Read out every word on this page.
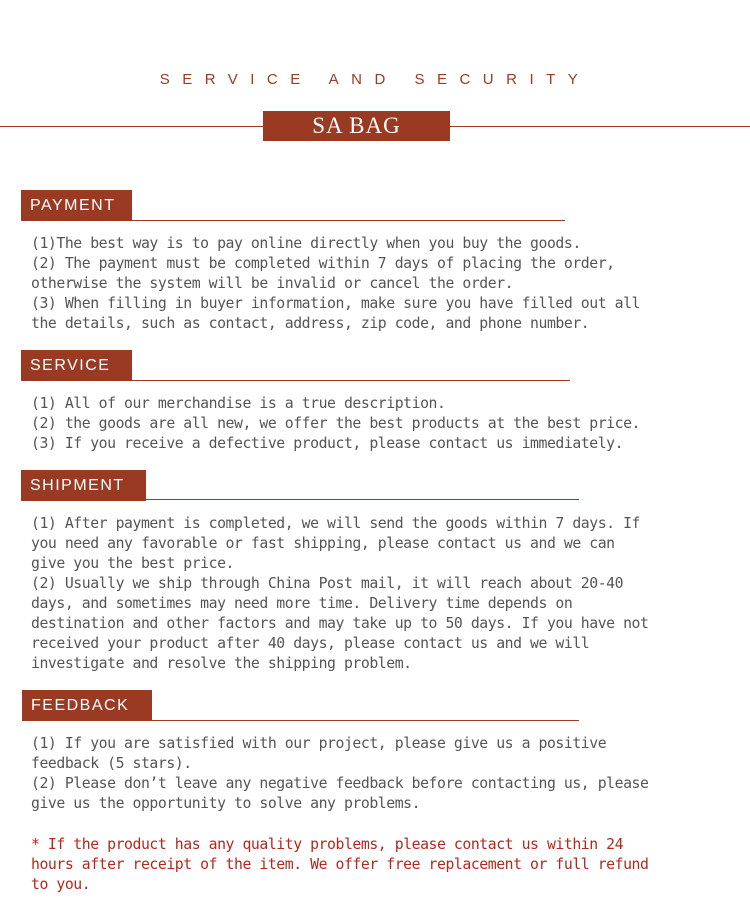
SERVICE AND SECURITY
SA BAG
PAYMENT

(1)The best way is to pay online directly when you buy the goods.
(2) The payment must be completed within 7 days of placing the order,
otherwise the system will be invalid or cancel the order.
(3) When filling in buyer information, make sure you have filled out all
the details, such as contact, address, zip code, and phone number.

SERVICE

(1) All of our merchandise is a true description.
(2) the goods are all new, we offer the best products at the best price.
(3) If you receive a defective product, please contact us immediately.

SHIPMENT

(1) After payment is completed, we will send the goods within 7 days. If
you need any favorable or fast shipping, please contact us and we can
give you the best price.
(2) Usually we ship through China Post mail, it will reach about 20-40
days, and sometimes may need more time. Delivery time depends on
destination and other factors and may take up to 50 days. If you have not
received your product after 40 days, please contact us and we will
investigate and resolve the shipping problem.

FEEDBACK

(1) If you are satisfied with our project, please give us a positive
feedback (5 stars).
(2) Please don’t leave any negative feedback before contacting us, please
give us the opportunity to solve any problems.

* If the product has any quality problems, please contact us within 24
hours after receipt of the item. We offer free replacement or full refund
to you.
